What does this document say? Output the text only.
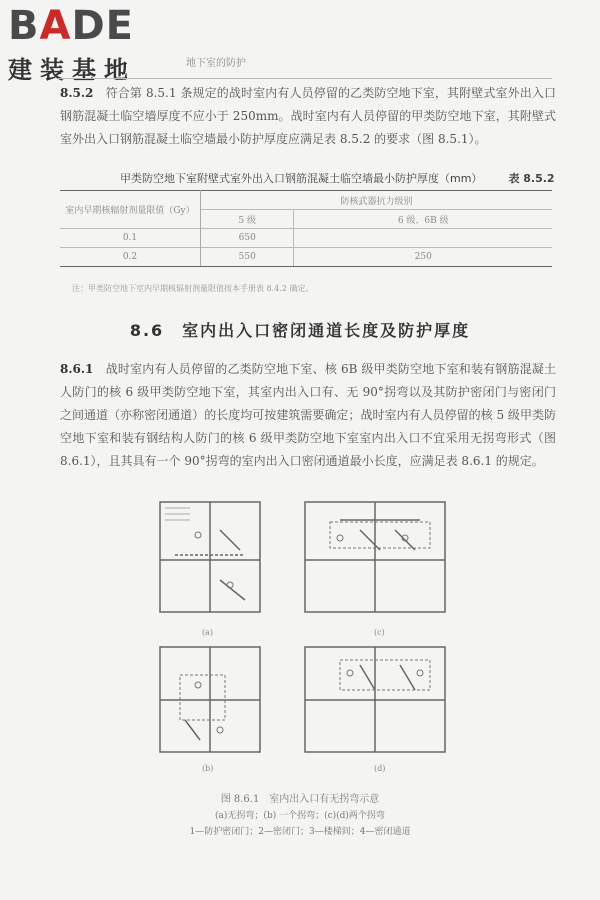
BADE
建装基地	地下室的防护
8.5.2　 符合第 8.5.1 条规定的战时室内有人员停留的乙类防空地下室，其附壁式室外出入口钢筋混凝土临空墙厚度不应小于 250mm。战时室内有人员停留的甲类防空地下室，其附壁式室外出入口钢筋混凝土临空墙最小防护厚度应满足表 8.5.2 的要求（图 8.5.1）。
甲类防空地下室附壁式室外出入口钢筋混凝土临空墙最小防护厚度（mm） 表 8.5.2
室内早期核辐射剂量限值（Gy）	防核武器抗力级别	
	5 级	6 级、6B 级
0.1	650	
0.2	550	250
注：甲类防空地下室内早期核辐射剂量限值按本手册表 8.4.2 确定。
8.6　 室内出入口密闭通道长度及防护厚度
8.6.1　 战时室内有人员停留的乙类防空地下室、核 6B 级甲类防空地下室和装有钢筋混凝土人防门的核 6 级甲类防空地下室，其室内出入口有、无 90°拐弯以及其防护密闭门与密闭门之间通道（亦称密闭通道）的长度均可按建筑需要确定；战时室内有人员停留的核 5 级甲类防空地下室和装有钢结构人防门的核 6 级甲类防空地下室室内出入口不宜采用无拐弯形式（图 8.6.1），且其具有一个 90°拐弯的室内出入口密闭通道最小长度，应满足表 8.6.1 的规定。
(a)	(c)
(b)	(d)
图 8.6.1　室内出入口有无拐弯示意
(a)无拐弯；(b) 一个拐弯；(c)(d)两个拐弯
1—防护密闭门；2—密闭门；3—楼梯间；4—密闭通道
